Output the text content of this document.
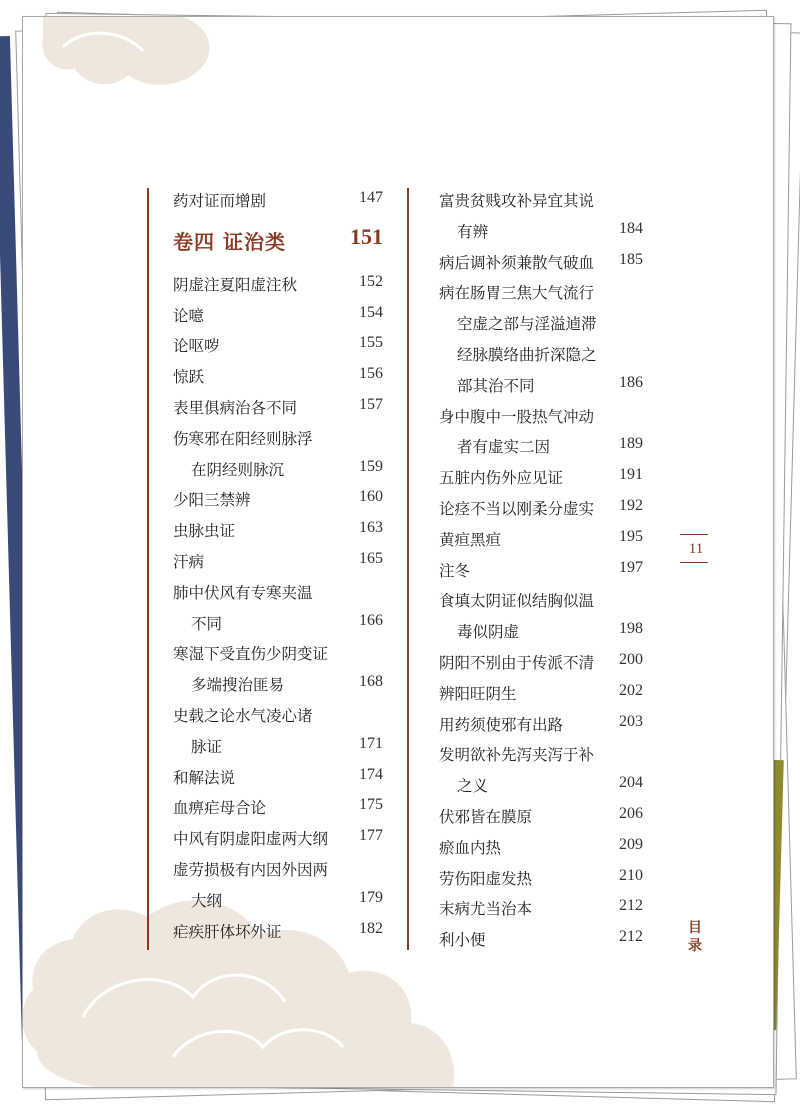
药对证而增剧	147
卷四 证治类	151
阴虚注夏阳虚注秋	152
论噫	154
论呕哕	155
惊跃	156
表里俱病治各不同	157
伤寒邪在阳经则脉浮
在阴经则脉沉	159
少阳三禁辨	160
虫脉虫证	163
汗病	165
肺中伏风有专寒夹温
不同	166
寒湿下受直伤少阴变证
多端搜治匪易	168
史载之论水气凌心诸
脉证	171
和解法说	174
血痹疟母合论	175
中风有阴虚阳虚两大纲 177
虚劳损极有内因外因两
大纲	179
疟疾肝体坏外证	182
富贵贫贱攻补异宜其说
有辨	184
病后调补须兼散气破血 185
病在肠胃三焦大气流行
空虚之部与淫溢逌滞
经脉膜络曲折深隐之
部其治不同	186
身中腹中一股热气冲动
者有虚实二因	189
五脏内伤外应见证	191
论痉不当以刚柔分虚实 192
黄疸黑疸	195
注冬	197
食填太阴证似结胸似温
毒似阴虚	198
阴阳不别由于传派不清 200
辨阳旺阴生	202
用药须使邪有出路	203
发明欲补先泻夹泻于补
之义	204
伏邪皆在膜原	206
瘀血内热	209
劳伤阳虚发热	210
末病尤当治本	212
利小便	212
11
目
录
